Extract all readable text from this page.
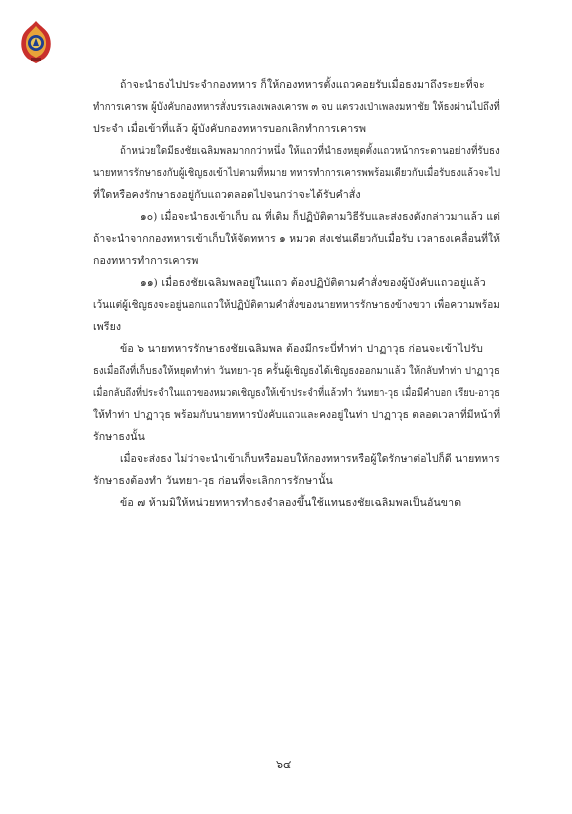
ถ้าจะนำธงไปประจำกองทหาร ก็ให้กองทหารตั้งแถวคอยรับเมื่อธงมาถึงระยะที่จะ
ทำการเคารพ ผู้บังคับกองทหารสั่งบรรเลงเพลงเคารพ ๓ จบ แตรวงเป่าเพลงมหาชัย ให้ธงผ่านไปถึงที่
ประจำ เมื่อเข้าที่แล้ว ผู้บังคับกองทหารบอกเลิกทำการเคารพ
ถ้าหน่วยใดมีธงชัยเฉลิมพลมากกว่าหนึ่ง ให้แถวที่นำธงหยุดตั้งแถวหน้ากระดานอย่างที่รับธง
นายทหารรักษาธงกับผู้เชิญธงเข้าไปตามที่หมาย ทหารทำการเคารพพร้อมเดียวกับเมื่อรับธงแล้วจะไป
ที่ใดหรือคงรักษาธงอยู่กับแถวตลอดไปจนกว่าจะได้รับคำสั่ง
๑๐) เมื่อจะนำธงเข้าเก็บ ณ ที่เดิม ก็ปฏิบัติตามวิธีรับและส่งธงดังกล่าวมาแล้ว แต่
ถ้าจะนำจากกองทหารเข้าเก็บให้จัดทหาร ๑ หมวด ส่งเช่นเดียวกับเมื่อรับ เวลาธงเคลื่อนที่ให้
กองทหารทำการเคารพ
๑๑) เมื่อธงชัยเฉลิมพลอยู่ในแถว ต้องปฏิบัติตามคำสั่งของผู้บังคับแถวอยู่แล้ว
เว้นแต่ผู้เชิญธงจะอยู่นอกแถวให้ปฏิบัติตามคำสั่งของนายทหารรักษาธงข้างขวา เพื่อความพร้อม
เพรียง
ข้อ ๖ นายทหารรักษาธงชัยเฉลิมพล ต้องมีกระบี่ทำท่า ปาฏาวุธ ก่อนจะเข้าไปรับ
ธงเมื่อถึงที่เก็บธงให้หยุดทำท่า วันทยา-วุธ ครั้นผู้เชิญธงได้เชิญธงออกมาแล้ว ให้กลับทำท่า ปาฏาวุธ
เมื่อกลับถึงที่ประจำในแถวของหมวดเชิญธงให้เข้าประจำที่แล้วทำ วันทยา-วุธ เมื่อมีคำบอก เรียบ-อาวุธ
ให้ทำท่า ปาฏาวุธ พร้อมกับนายทหารบังคับแถวและคงอยู่ในท่า ปาฏาวุธ ตลอดเวลาที่มีหน้าที่
รักษาธงนั้น
เมื่อจะส่งธง ไม่ว่าจะนำเข้าเก็บหรือมอบให้กองทหารหรือผู้ใดรักษาต่อไปก็ดี นายทหาร
รักษาธงต้องทำ วันทยา-วุธ ก่อนที่จะเลิกการรักษานั้น
ข้อ ๗ ห้ามมิให้หน่วยทหารทำธงจำลองขึ้นใช้แทนธงชัยเฉลิมพลเป็นอันขาด
๖๔
